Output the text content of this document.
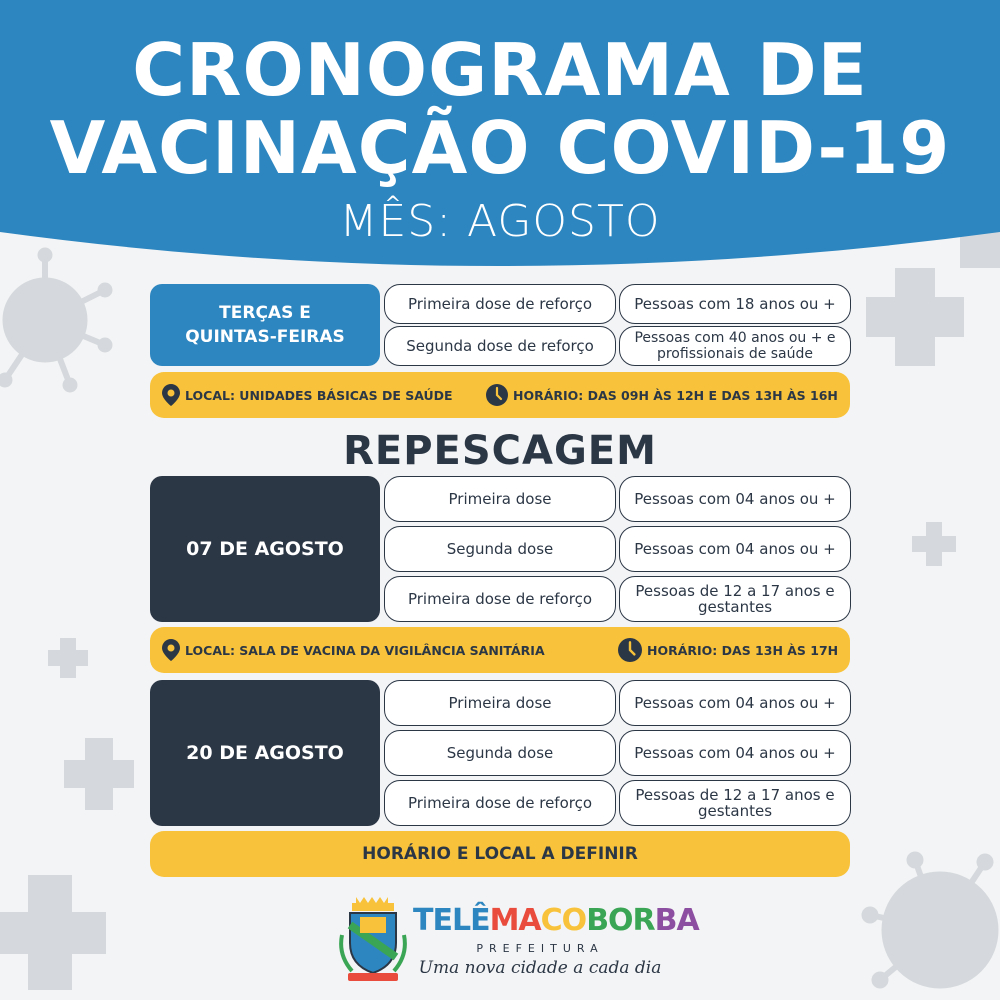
CRONOGRAMA DE
VACINAÇÃO COVID-19
MÊS: AGOSTO
TERÇAS E QUINTAS-FEIRAS
Primeira dose de reforço	Pessoas com 18 anos ou +
Segunda dose de reforço	Pessoas com 40 anos ou + e profissionais de saúde
LOCAL: UNIDADES BÁSICAS DE SAÚDE	HORÁRIO: DAS 09H ÀS 12H E DAS 13H ÀS 16H
REPESCAGEM
07 DE AGOSTO
Primeira dose	Pessoas com 04 anos ou +
Segunda dose	Pessoas com 04 anos ou +
Primeira dose de reforço	Pessoas de 12 a 17 anos e gestantes
LOCAL: SALA DE VACINA DA VIGILÂNCIA SANITÁRIA	HORÁRIO: DAS 13H ÀS 17H
20 DE AGOSTO
Primeira dose	Pessoas com 04 anos ou +
Segunda dose	Pessoas com 04 anos ou +
Primeira dose de reforço	Pessoas de 12 a 17 anos e gestantes
HORÁRIO E LOCAL A DEFINIR
TELÊMACOBORBA
PREFEITURA
Uma nova cidade a cada dia
